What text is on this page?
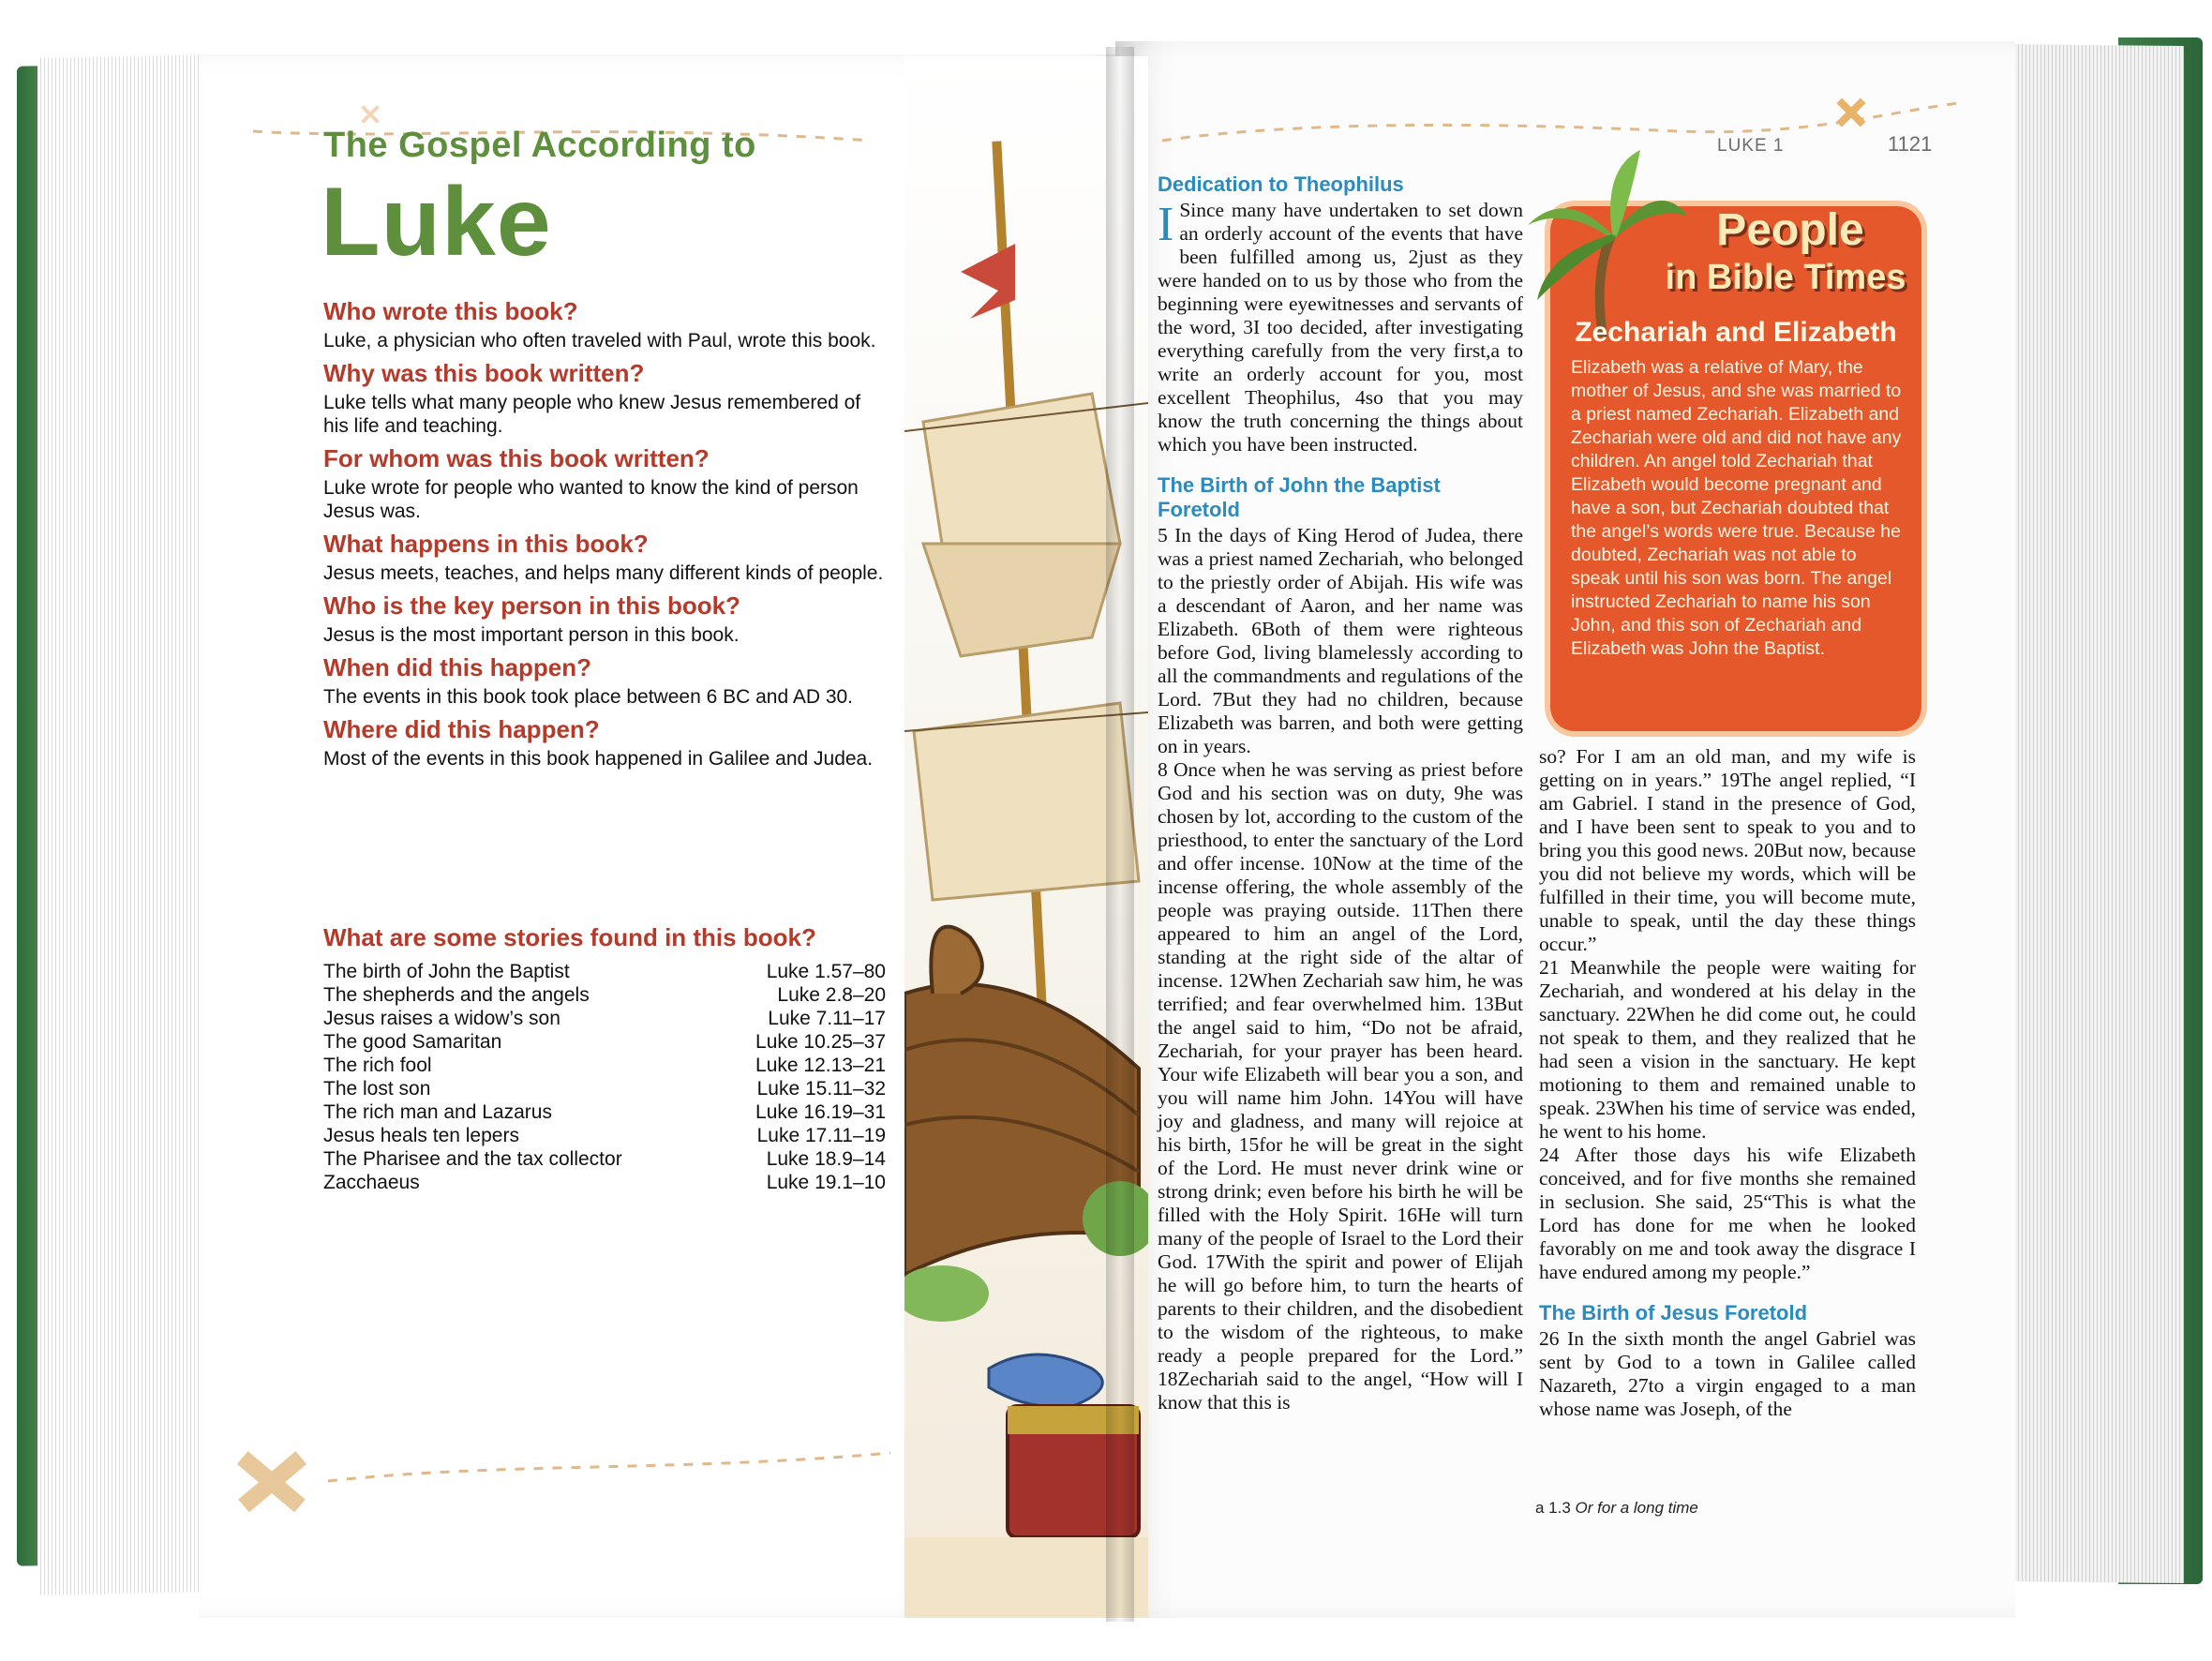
The Gospel According to
Luke
Who wrote this book?
Luke, a physician who often traveled with Paul, wrote this book.
Why was this book written?
Luke tells what many people who knew Jesus remembered of his life and teaching.
For whom was this book written?
Luke wrote for people who wanted to know the kind of person Jesus was.
What happens in this book?
Jesus meets, teaches, and helps many different kinds of people.
Who is the key person in this book?
Jesus is the most important person in this book.
When did this happen?
The events in this book took place between 6 BC and AD 30.
Where did this happen?
Most of the events in this book happened in Galilee and Judea.
What are some stories found in this book?
The birth of John the Baptist	Luke 1.57–80
The shepherds and the angels	Luke 2.8–20
Jesus raises a widow’s son	Luke 7.11–17
The good Samaritan	Luke 10.25–37
The rich fool	Luke 12.13–21
The lost son	Luke 15.11–32
The rich man and Lazarus	Luke 16.19–31
Jesus heals ten lepers	Luke 17.11–19
The Pharisee and the tax collector	Luke 18.9–14
Zacchaeus	Luke 19.1–10
LUKE 1	1121
Dedication to Theophilus

I Since many have undertaken to set down an orderly account of the events that have been fulfilled among us, 2just as they were handed on to us by those who from the beginning were eyewitnesses and servants of the word, 3I too decided, after investigating everything carefully from the very first,a to write an orderly account for you, most excellent Theophilus, 4so that you may know the truth concerning the things about which you have been instructed.

The Birth of John the Baptist Foretold

5 In the days of King Herod of Judea, there was a priest named Zechariah, who belonged to the priestly order of Abijah. His wife was a descendant of Aaron, and her name was Elizabeth. 6Both of them were righteous before God, living blamelessly according to all the commandments and regulations of the Lord. 7But they had no children, because Elizabeth was barren, and both were getting on in years.

8 Once when he was serving as priest before God and his section was on duty, 9he was chosen by lot, according to the custom of the priesthood, to enter the sanctuary of the Lord and offer incense. 10Now at the time of the incense offering, the whole assembly of the people was praying outside. 11Then there appeared to him an angel of the Lord, standing at the right side of the altar of incense. 12When Zechariah saw him, he was terrified; and fear overwhelmed him. 13But the angel said to him, “Do not be afraid, Zechariah, for your prayer has been heard. Your wife Elizabeth will bear you a son, and you will name him John. 14You will have joy and gladness, and many will rejoice at his birth, 15for he will be great in the sight of the Lord. He must never drink wine or strong drink; even before his birth he will be filled with the Holy Spirit. 16He will turn many of the people of Israel to the Lord their God. 17With the spirit and power of Elijah he will go before him, to turn the hearts of parents to their children, and the disobedient to the wisdom of the righteous, to make ready a people prepared for the Lord.” 18Zechariah said to the angel, “How will I know that this is

People
in Bible Times
Zechariah and Elizabeth
Elizabeth was a relative of Mary, the mother of Jesus, and she was married to a priest named Zechariah. Elizabeth and Zechariah were old and did not have any children. An angel told Zechariah that Elizabeth would become pregnant and have a son, but Zechariah doubted that the angel’s words were true. Because he doubted, Zechariah was not able to speak until his son was born. The angel instructed Zechariah to name his son John, and this son of Zechariah and Elizabeth was John the Baptist.

so? For I am an old man, and my wife is getting on in years.” 19The angel replied, “I am Gabriel. I stand in the presence of God, and I have been sent to speak to you and to bring you this good news. 20But now, because you did not believe my words, which will be fulfilled in their time, you will become mute, unable to speak, until the day these things occur.”

21 Meanwhile the people were waiting for Zechariah, and wondered at his delay in the sanctuary. 22When he did come out, he could not speak to them, and they realized that he had seen a vision in the sanctuary. He kept motioning to them and remained unable to speak. 23When his time of service was ended, he went to his home.

24 After those days his wife Elizabeth conceived, and for five months she remained in seclusion. She said, 25“This is what the Lord has done for me when he looked favorably on me and took away the disgrace I have endured among my people.”

The Birth of Jesus Foretold

26 In the sixth month the angel Gabriel was sent by God to a town in Galilee called Nazareth, 27to a virgin engaged to a man whose name was Joseph, of the

a 1.3 Or for a long time
